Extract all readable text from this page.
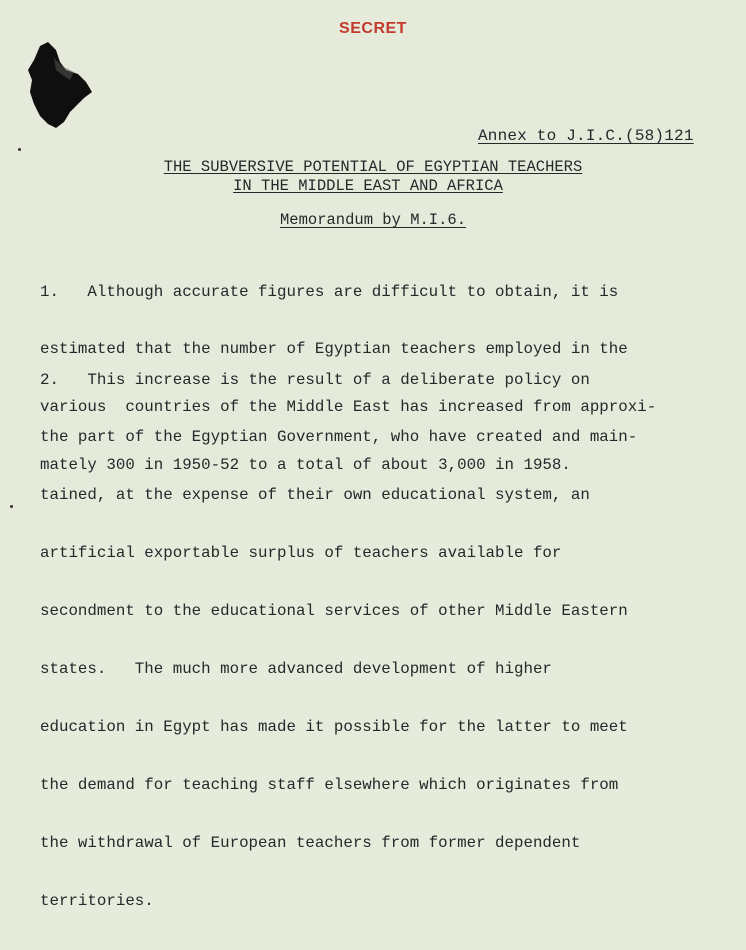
SECRET
Annex to J.I.C.(58)121
THE SUBVERSIVE POTENTIAL OF EGYPTIAN TEACHERS
IN THE MIDDLE EAST AND AFRICA
Memorandum by M.I.6.

1.   Although accurate figures are difficult to obtain, it is

estimated that the number of Egyptian teachers employed in the

various  countries of the Middle East has increased from approxi-

mately 300 in 1950-52 to a total of about 3,000 in 1958.

2.   This increase is the result of a deliberate policy on

the part of the Egyptian Government, who have created and main-

tained, at the expense of their own educational system, an

artificial exportable surplus of teachers available for

secondment to the educational services of other Middle Eastern

states.   The much more advanced development of higher

education in Egypt has made it possible for the latter to meet

the demand for teaching staff elsewhere which originates from

the withdrawal of European teachers from former dependent

territories.
